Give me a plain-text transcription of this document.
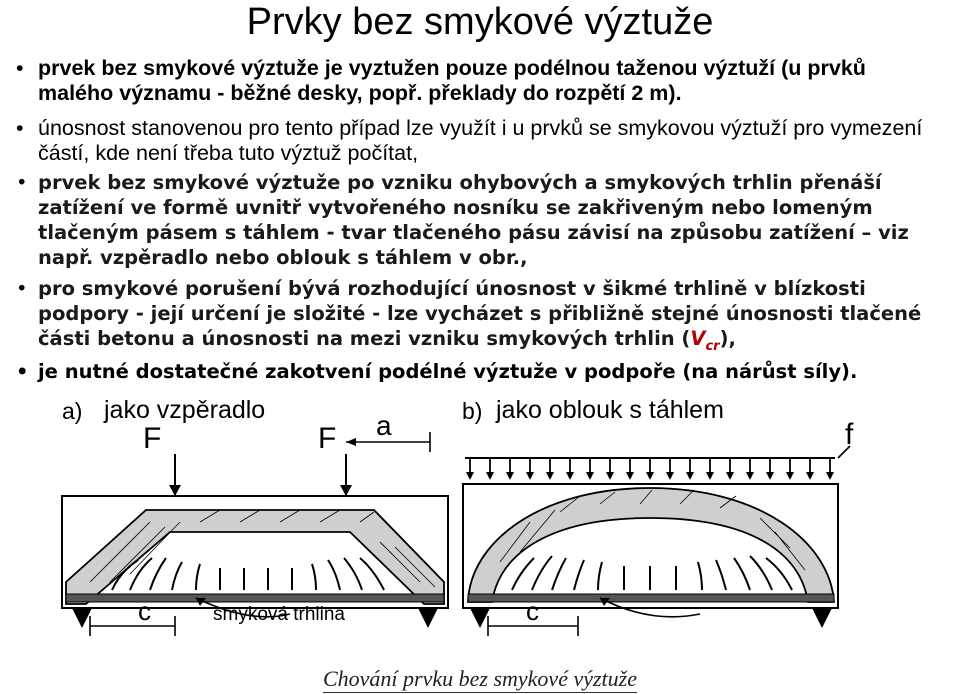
Prvky bez smykové výztuže
• prvek bez smykové výztuže je vyztužen pouze podélnou taženou výztuží (u prvků malého významu - běžné desky, popř. překlady do rozpětí 2 m).
• únosnost stanovenou pro tento případ lze využít i u prvků se smykovou výztuží pro vymezení částí, kde není třeba tuto výztuž počítat,
• prvek bez smykové výztuže po vzniku ohybových a smykových trhlin přenáší zatížení ve formě uvnitř vytvořeného nosníku se zakřiveným nebo lomeným tlačeným pásem s táhlem - tvar tlačeného pásu závisí na způsobu zatížení – viz např. vzpěradlo nebo oblouk s táhlem v obr.,
• pro smykové porušení bývá rozhodující únosnost v šikmé trhlině v blízkosti podpory - její určení je složité - lze vycházet s přibližně stejné únosnosti tlačené části betonu a únosnosti na mezi vzniku smykových trhlin $(V_{cr})$,
• je nutné dostatečné zakotvení podélné výztuže v podpoře (na nárůst síly).
a) jako vzpěradlo
F	F a	b) jako oblouk s táhlem
f
c	c
smyková trhlina
Chování prvku bez smykové výztuže
